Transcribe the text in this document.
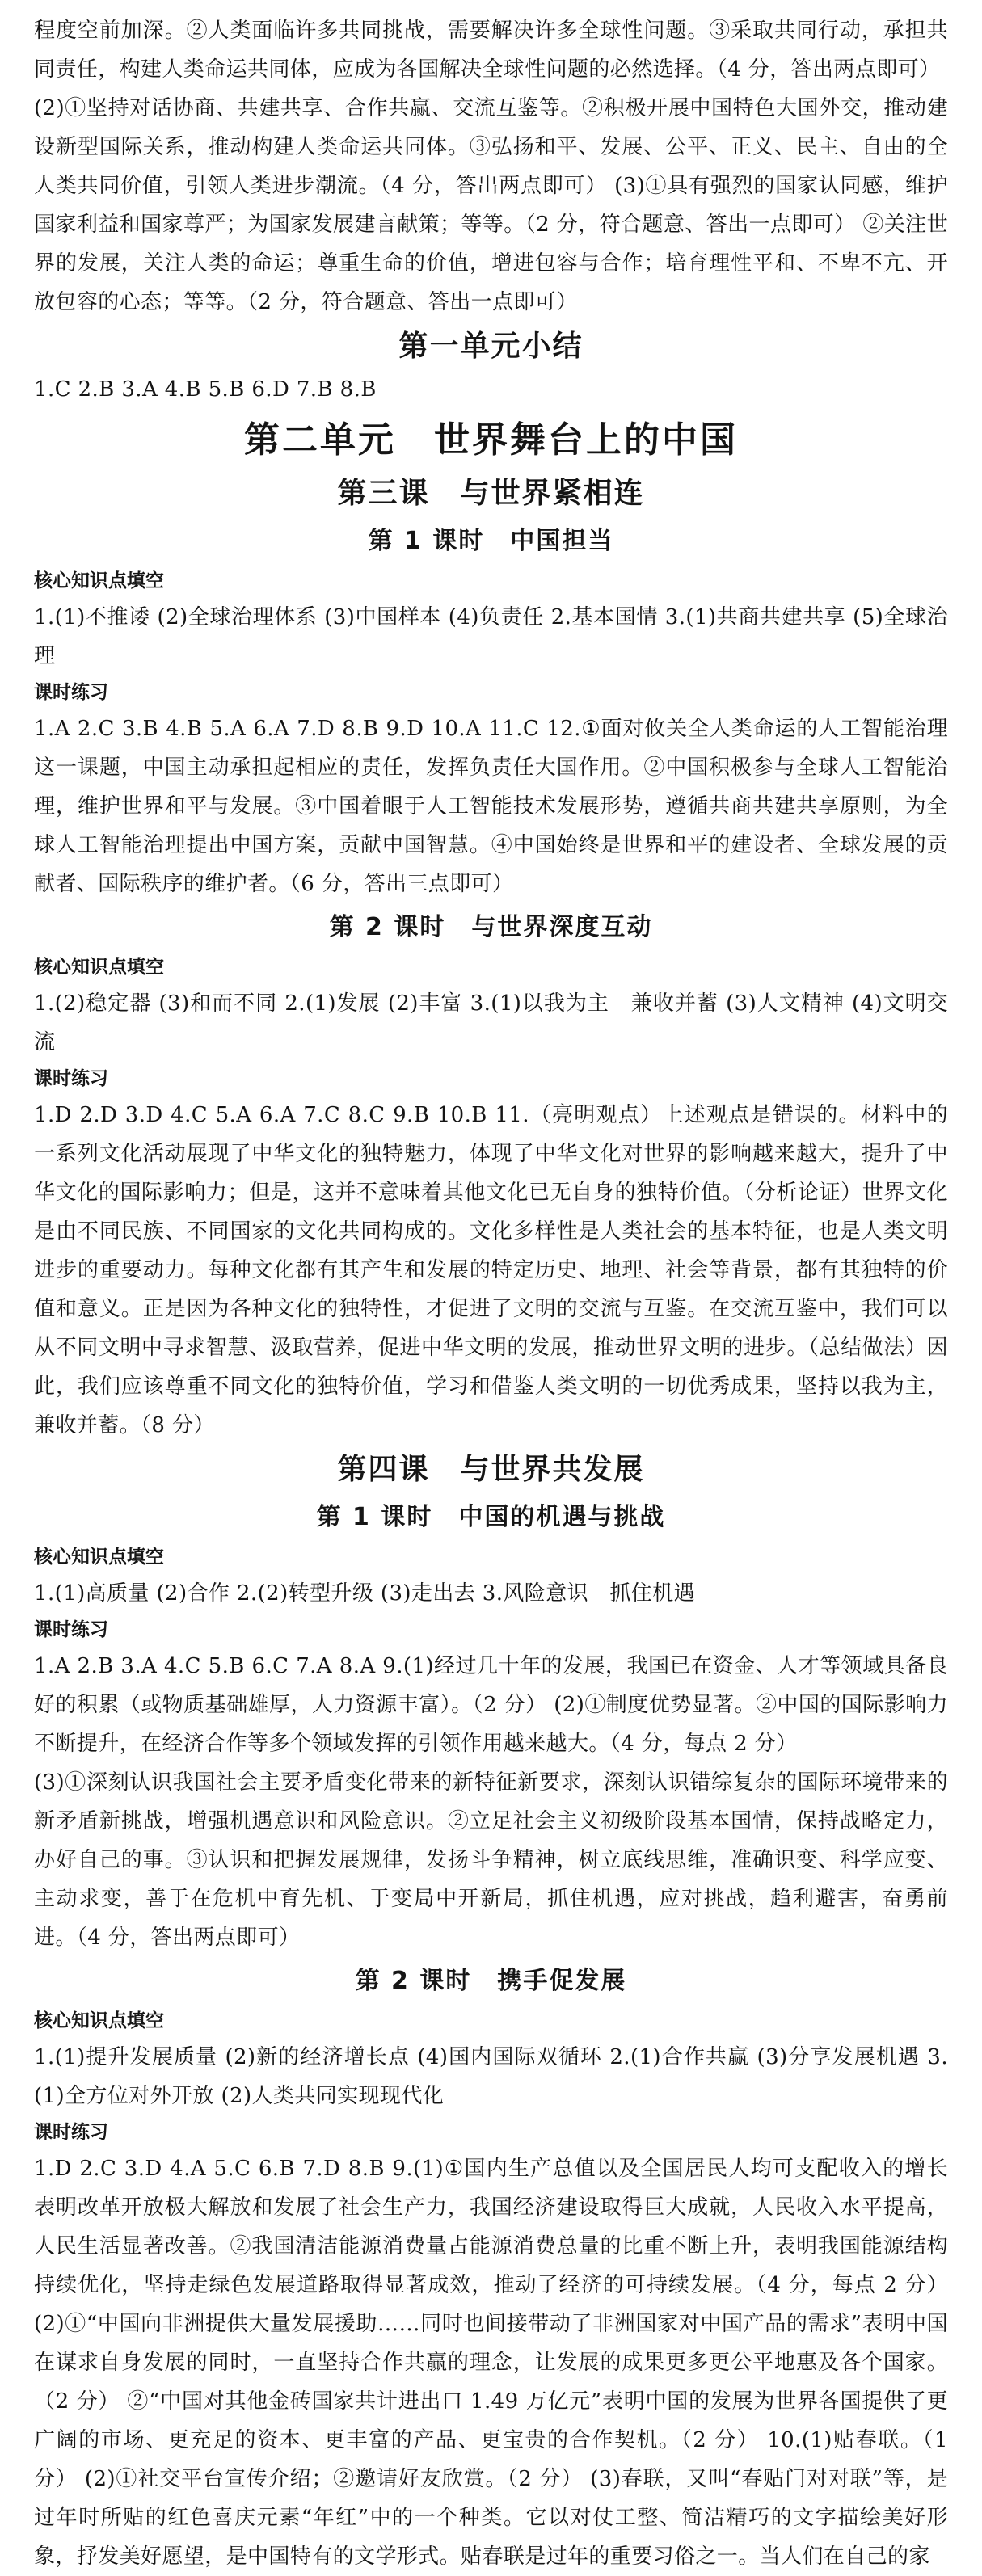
程度空前加深。②人类面临许多共同挑战，需要解决许多全球性问题。③采取共同行动，承担共同责任，构建人类命运共同体，应成为各国解决全球性问题的必然选择。（4 分，答出两点即可）

(2)①坚持对话协商、共建共享、合作共赢、交流互鉴等。②积极开展中国特色大国外交，推动建设新型国际关系，推动构建人类命运共同体。③弘扬和平、发展、公平、正义、民主、自由的全人类共同价值，引领人类进步潮流。（4 分，答出两点即可） (3)①具有强烈的国家认同感，维护国家利益和国家尊严；为国家发展建言献策；等等。（2 分，符合题意、答出一点即可） ②关注世界的发展，关注人类的命运；尊重生命的价值，增进包容与合作；培育理性平和、不卑不亢、开放包容的心态；等等。（2 分，符合题意、答出一点即可）

第一单元小结

1.C 2.B 3.A 4.B 5.B 6.D 7.B 8.B

第二单元　世界舞台上的中国
第三课　与世界紧相连
第 1 课时　中国担当
核心知识点填空

1.(1)不推诿 (2)全球治理体系 (3)中国样本 (4)负责任 2.基本国情 3.(1)共商共建共享 (5)全球治理

课时练习

1.A 2.C 3.B 4.B 5.A 6.A 7.D 8.B 9.D 10.A 11.C 12.①面对攸关全人类命运的人工智能治理这一课题，中国主动承担起相应的责任，发挥负责任大国作用。②中国积极参与全球人工智能治理，维护世界和平与发展。③中国着眼于人工智能技术发展形势，遵循共商共建共享原则，为全球人工智能治理提出中国方案，贡献中国智慧。④中国始终是世界和平的建设者、全球发展的贡献者、国际秩序的维护者。（6 分，答出三点即可）

第 2 课时　与世界深度互动
核心知识点填空

1.(2)稳定器 (3)和而不同 2.(1)发展 (2)丰富 3.(1)以我为主　兼收并蓄 (3)人文精神 (4)文明交流

课时练习

1.D 2.D 3.D 4.C 5.A 6.A 7.C 8.C 9.B 10.B 11.（亮明观点）上述观点是错误的。材料中的一系列文化活动展现了中华文化的独特魅力，体现了中华文化对世界的影响越来越大，提升了中华文化的国际影响力；但是，这并不意味着其他文化已无自身的独特价值。（分析论证）世界文化是由不同民族、不同国家的文化共同构成的。文化多样性是人类社会的基本特征，也是人类文明进步的重要动力。每种文化都有其产生和发展的特定历史、地理、社会等背景，都有其独特的价值和意义。正是因为各种文化的独特性，才促进了文明的交流与互鉴。在交流互鉴中，我们可以从不同文明中寻求智慧、汲取营养，促进中华文明的发展，推动世界文明的进步。（总结做法）因此，我们应该尊重不同文化的独特价值，学习和借鉴人类文明的一切优秀成果，坚持以我为主，兼收并蓄。（8 分）

第四课　与世界共发展
第 1 课时　中国的机遇与挑战
核心知识点填空

1.(1)高质量 (2)合作 2.(2)转型升级 (3)走出去 3.风险意识　抓住机遇

课时练习

1.A 2.B 3.A 4.C 5.B 6.C 7.A 8.A 9.(1)经过几十年的发展，我国已在资金、人才等领域具备良好的积累（或物质基础雄厚，人力资源丰富）。（2 分） (2)①制度优势显著。②中国的国际影响力不断提升，在经济合作等多个领域发挥的引领作用越来越大。（4 分，每点 2 分）

(3)①深刻认识我国社会主要矛盾变化带来的新特征新要求，深刻认识错综复杂的国际环境带来的新矛盾新挑战，增强机遇意识和风险意识。②立足社会主义初级阶段基本国情，保持战略定力，办好自己的事。③认识和把握发展规律，发扬斗争精神，树立底线思维，准确识变、科学应变、主动求变，善于在危机中育先机、于变局中开新局，抓住机遇，应对挑战，趋利避害，奋勇前进。（4 分，答出两点即可）

第 2 课时　携手促发展
核心知识点填空

1.(1)提升发展质量 (2)新的经济增长点 (4)国内国际双循环 2.(1)合作共赢 (3)分享发展机遇 3.(1)全方位对外开放 (2)人类共同实现现代化

课时练习

1.D 2.C 3.D 4.A 5.C 6.B 7.D 8.B 9.(1)①国内生产总值以及全国居民人均可支配收入的增长表明改革开放极大解放和发展了社会生产力，我国经济建设取得巨大成就，人民收入水平提高，人民生活显著改善。②我国清洁能源消费量占能源消费总量的比重不断上升，表明我国能源结构持续优化，坚持走绿色发展道路取得显著成效，推动了经济的可持续发展。（4 分，每点 2 分） (2)①“中国向非洲提供大量发展援助……同时也间接带动了非洲国家对中国产品的需求”表明中国在谋求自身发展的同时，一直坚持合作共赢的理念，让发展的成果更多更公平地惠及各个国家。（2 分） ②“中国对其他金砖国家共计进出口 1.49 万亿元”表明中国的发展为世界各国提供了更广阔的市场、更充足的资本、更丰富的产品、更宝贵的合作契机。（2 分） 10.(1)贴春联。（1 分） (2)①社交平台宣传介绍；②邀请好友欣赏。（2 分） (3)春联，又叫“春贴门对对联”等，是过年时所贴的红色喜庆元素“年红”中的一个种类。它以对仗工整、简洁精巧的文字描绘美好形象，抒发美好愿望，是中国特有的文学形式。贴春联是过年的重要习俗之一。当人们在自己的家
